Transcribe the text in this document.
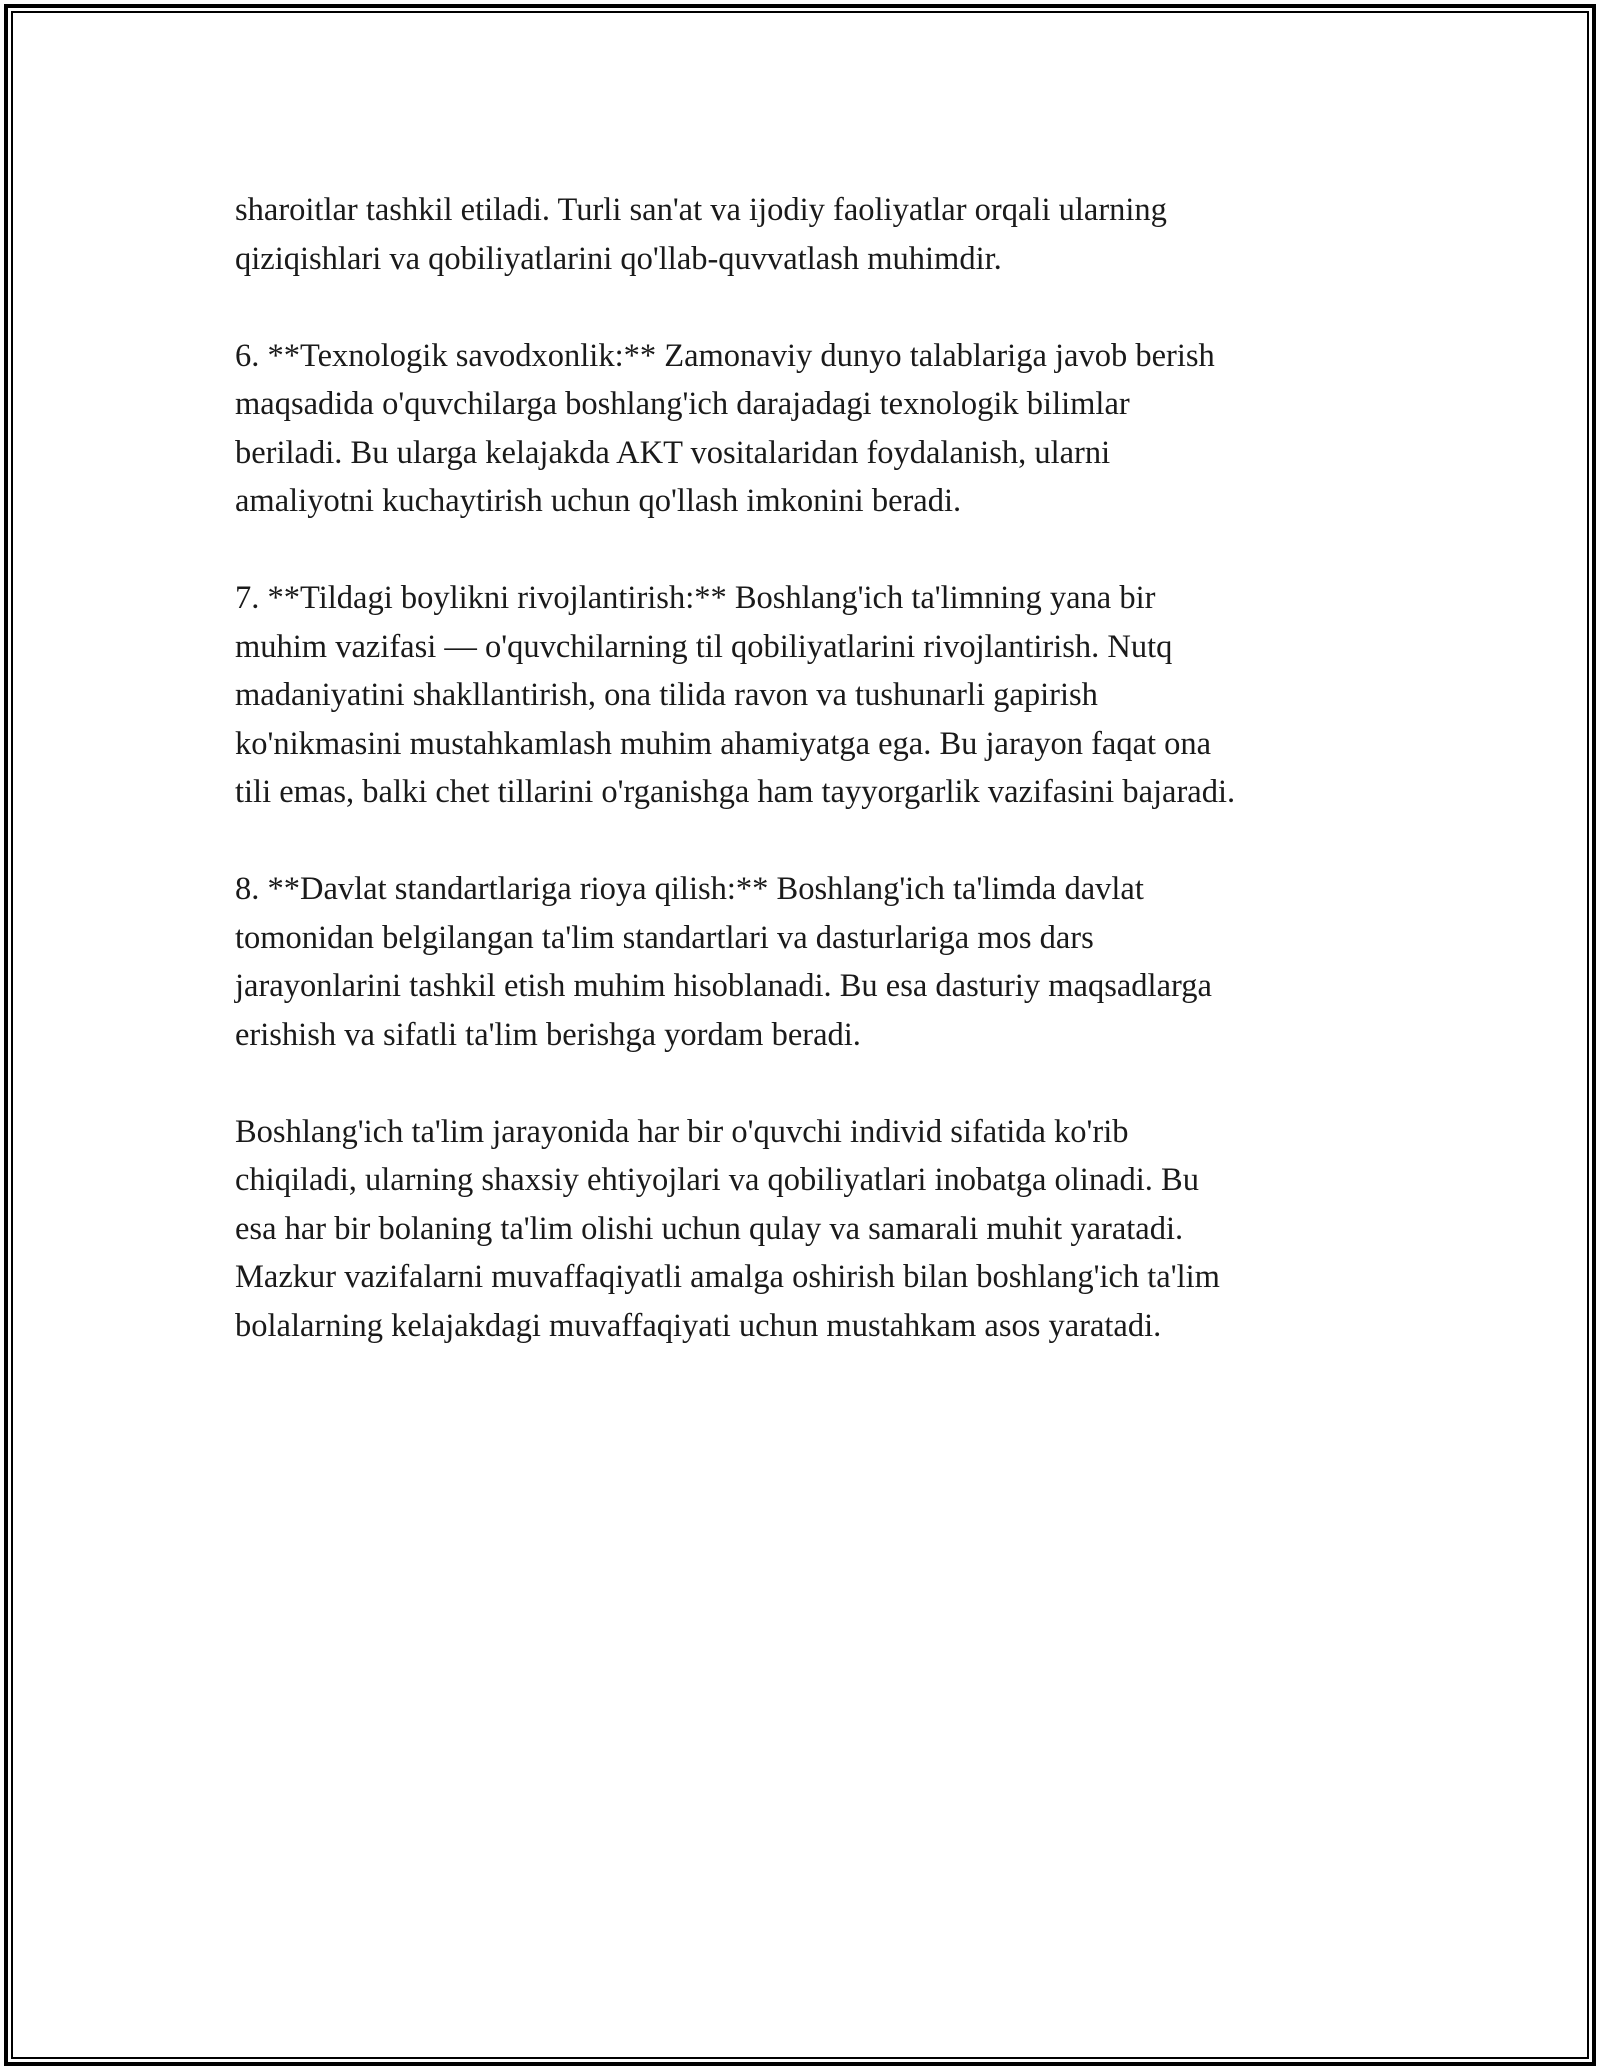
sharoitlar tashkil etiladi. Turli san'at va ijodiy faoliyatlar orqali ularning
qiziqishlari va qobiliyatlarini qo'llab-quvvatlash muhimdir.

6. **Texnologik savodxonlik:** Zamonaviy dunyo talablariga javob berish
maqsadida o'quvchilarga boshlang'ich darajadagi texnologik bilimlar
beriladi. Bu ularga kelajakda AKT vositalaridan foydalanish, ularni
amaliyotni kuchaytirish uchun qo'llash imkonini beradi.

7. **Tildagi boylikni rivojlantirish:** Boshlang'ich ta'limning yana bir
muhim vazifasi — o'quvchilarning til qobiliyatlarini rivojlantirish. Nutq
madaniyatini shakllantirish, ona tilida ravon va tushunarli gapirish
ko'nikmasini mustahkamlash muhim ahamiyatga ega. Bu jarayon faqat ona
tili emas, balki chet tillarini o'rganishga ham tayyorgarlik vazifasini bajaradi.

8. **Davlat standartlariga rioya qilish:** Boshlang'ich ta'limda davlat
tomonidan belgilangan ta'lim standartlari va dasturlariga mos dars
jarayonlarini tashkil etish muhim hisoblanadi. Bu esa dasturiy maqsadlarga
erishish va sifatli ta'lim berishga yordam beradi.

Boshlang'ich ta'lim jarayonida har bir o'quvchi individ sifatida ko'rib
chiqiladi, ularning shaxsiy ehtiyojlari va qobiliyatlari inobatga olinadi. Bu
esa har bir bolaning ta'lim olishi uchun qulay va samarali muhit yaratadi.
Mazkur vazifalarni muvaffaqiyatli amalga oshirish bilan boshlang'ich ta'lim
bolalarning kelajakdagi muvaffaqiyati uchun mustahkam asos yaratadi.
